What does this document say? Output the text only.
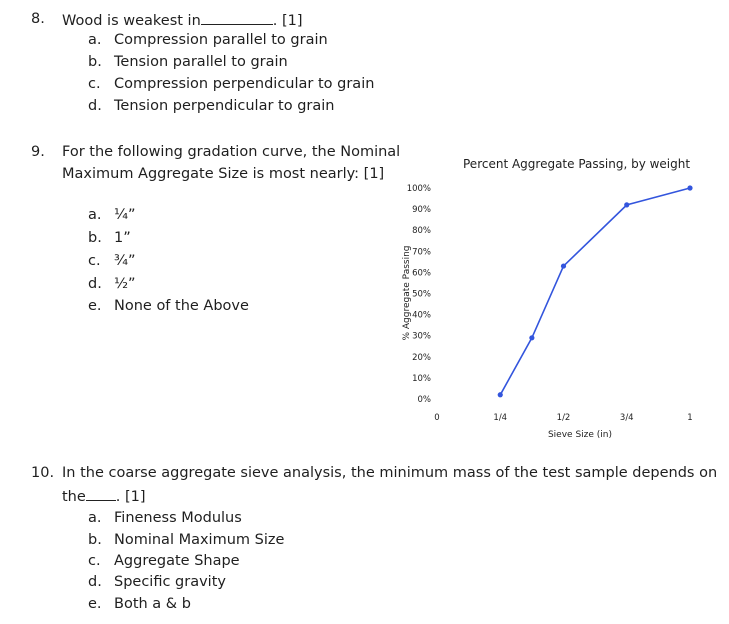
8. Wood is weakest in	. [1]
a. Compression parallel to grain
b. Tension parallel to grain
c. Compression perpendicular to grain
d. Tension perpendicular to grain
9. For the following gradation curve, the Nominal
Maximum Aggregate Size is most nearly: [1]
a. ¼”
b. 1”
c. ¾”
d. ½”
e. None of the Above
Percent Aggregate Passing, by weight
% Aggregate Passing
Sieve Size (in)
0%
10%
20%
30%
40%
50%
60%
70%
80%
90%
100%
0	1/4	1/2	3/4	1
10. In the coarse aggregate sieve analysis, the minimum mass of the test sample depends on
the . [1]
a. Fineness Modulus
b. Nominal Maximum Size
c. Aggregate Shape
d. Specific gravity
e. Both a & b
